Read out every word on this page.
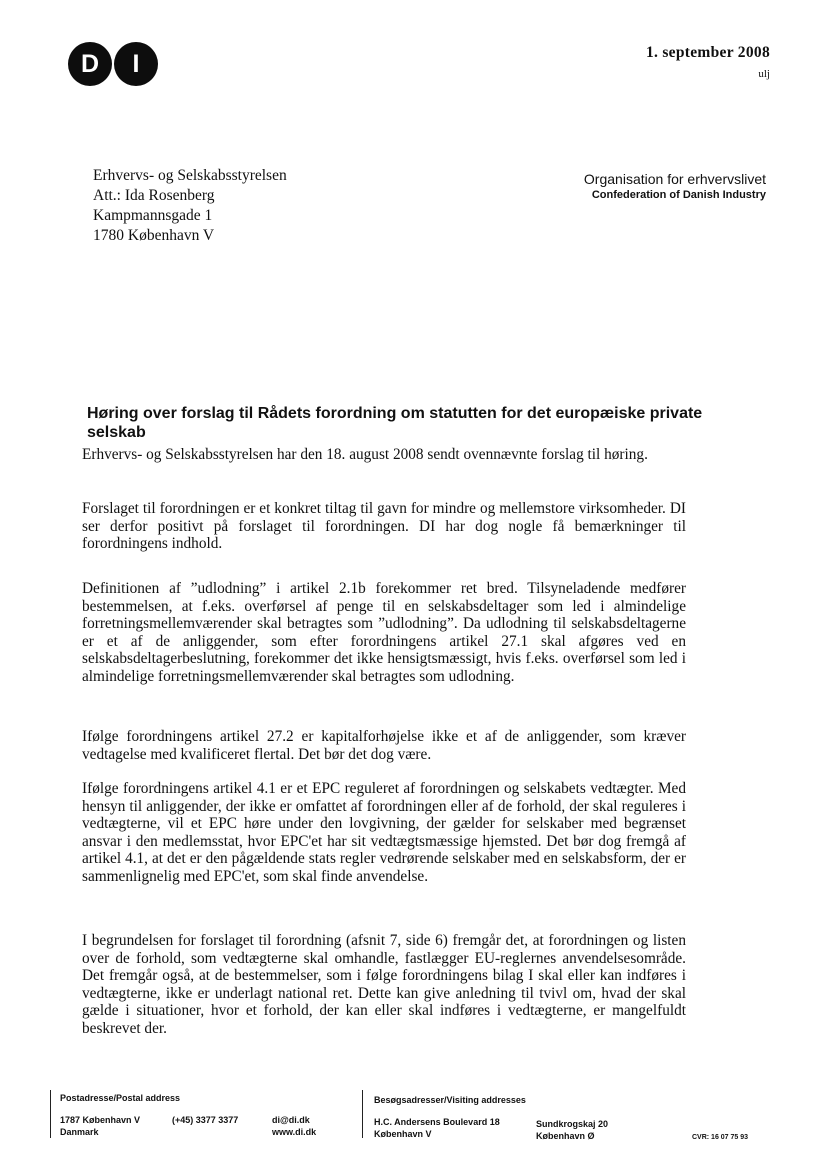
D	I	1. september 2008
ulj
Erhvervs- og Selskabsstyrelsen
Att.: Ida Rosenberg
Kampmannsgade 1
1780 København V
Organisation for erhvervslivet
Confederation of Danish Industry
Høring over forslag til Rådets forordning om statutten for det europæiske private selskab
Erhvervs- og Selskabsstyrelsen har den 18. august 2008 sendt ovennævnte forslag til høring.
Forslaget til forordningen er et konkret tiltag til gavn for mindre og mellemstore virksomheder. DI ser derfor positivt på forslaget til forordningen. DI har dog nogle få bemærkninger til forordningens indhold.
Definitionen af ”udlodning” i artikel 2.1b forekommer ret bred. Tilsyneladende medfører bestemmelsen, at f.eks. overførsel af penge til en selskabsdeltager som led i almindelige forretningsmellemværender skal betragtes som ”udlodning”. Da udlodning til selskabsdeltagerne er et af de anliggender, som efter forordningens artikel 27.1 skal afgøres ved en selskabsdeltagerbeslutning, forekommer det ikke hensigtsmæssigt, hvis f.eks. overførsel som led i almindelige forretningsmellemværender skal betragtes som udlodning.
Ifølge forordningens artikel 27.2 er kapitalforhøjelse ikke et af de anliggender, som kræver vedtagelse med kvalificeret flertal. Det bør det dog være.
Ifølge forordningens artikel 4.1 er et EPC reguleret af forordningen og selskabets vedtægter. Med hensyn til anliggender, der ikke er omfattet af forordningen eller af de forhold, der skal reguleres i vedtægterne, vil et EPC høre under den lovgivning, der gælder for selskaber med begrænset ansvar i den medlemsstat, hvor EPC'et har sit vedtægtsmæssige hjemsted. Det bør dog fremgå af artikel 4.1, at det er den pågældende stats regler vedrørende selskaber med en selskabsform, der er sammenlignelig med EPC'et, som skal finde anvendelse.
I begrundelsen for forslaget til forordning (afsnit 7, side 6) fremgår det, at forordningen og listen over de forhold, som vedtægterne skal omhandle, fastlægger EU-reglernes anvendelsesområde. Det fremgår også, at de bestemmelser, som i følge forordningens bilag I skal eller kan indføres i vedtægterne, ikke er underlagt national ret. Dette kan give anledning til tvivl om, hvad der skal gælde i situationer, hvor et forhold, der kan eller skal indføres i vedtægterne, er mangelfuldt beskrevet der.
Postadresse/Postal address
1787 København V
Danmark
(+45) 3377 3377	di@di.dk
www.di.dk
Besøgsadresser/Visiting addresses
H.C. Andersens Boulevard 18
København V
Sundkrogskaj 20
København Ø	CVR: 16 07 75 93
